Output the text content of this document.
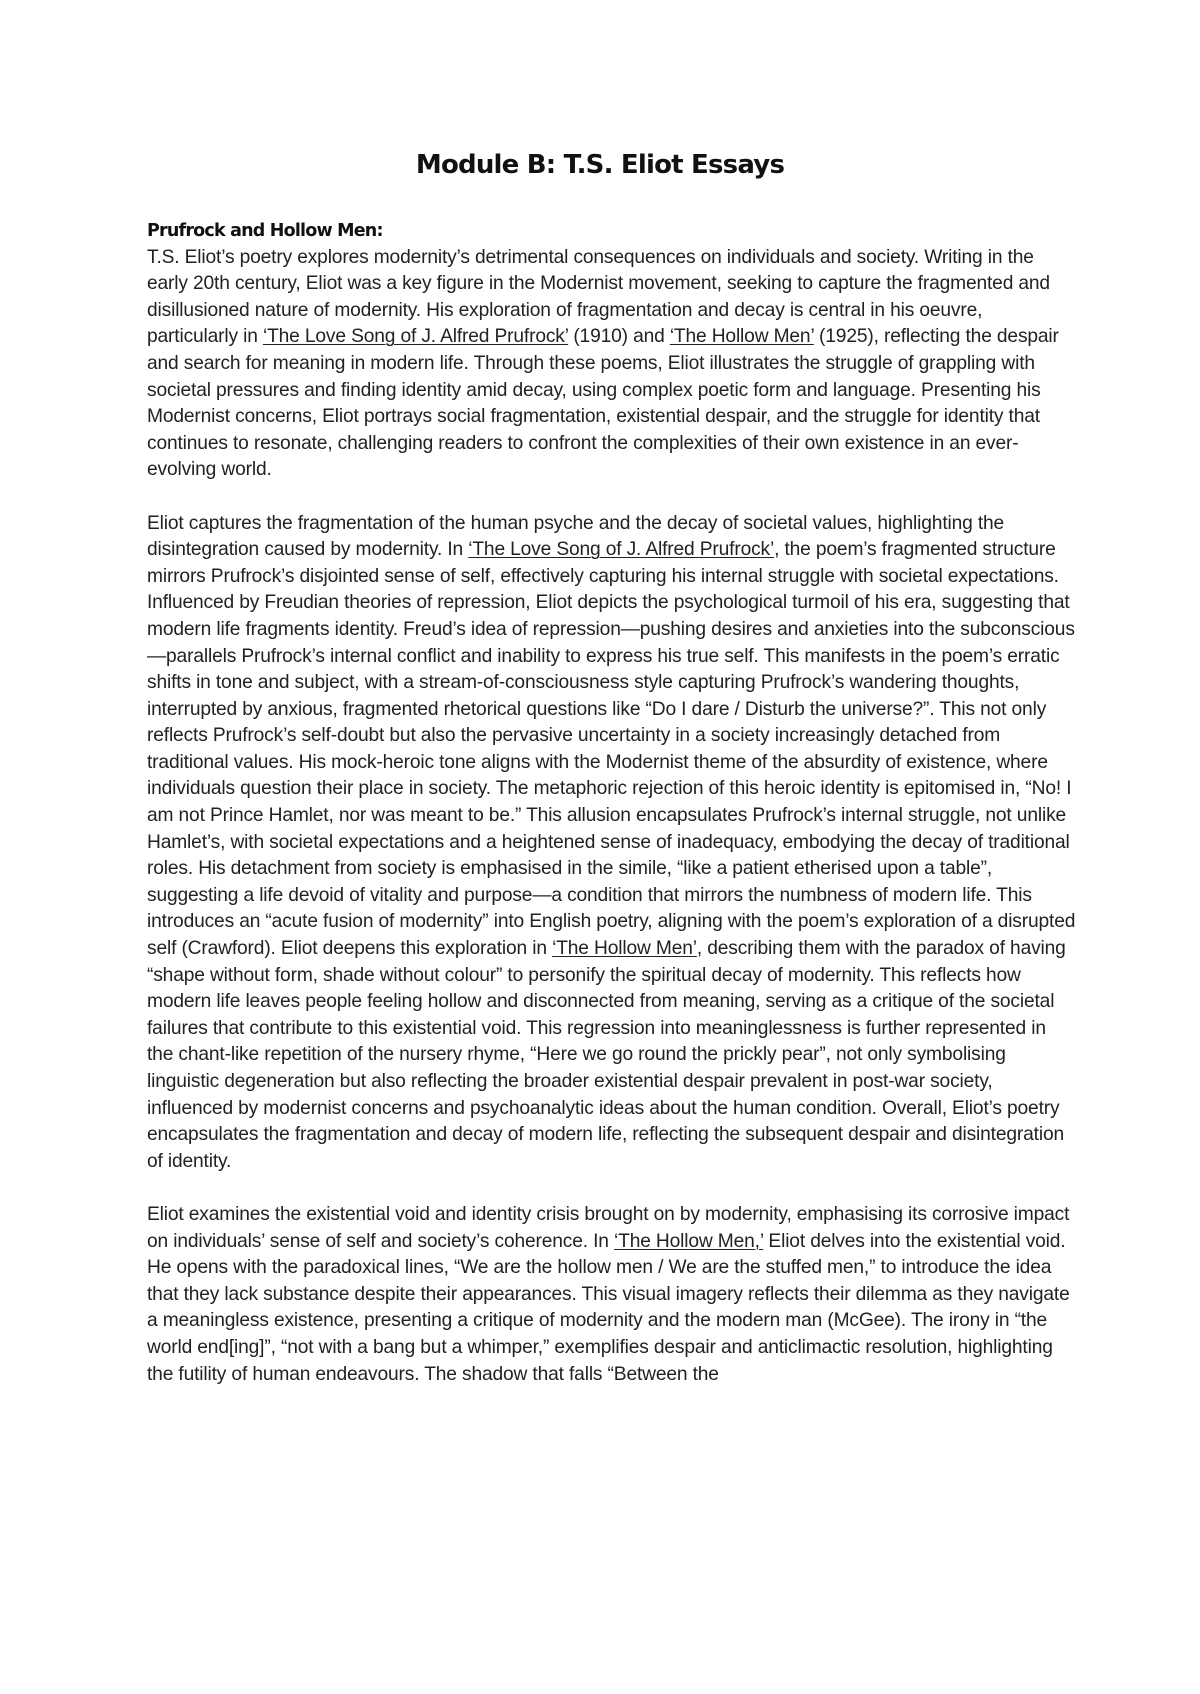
Module B: T.S. Eliot Essays
Prufrock and Hollow Men:

T.S. Eliot’s poetry explores modernity’s detrimental consequences on individuals and society. Writing in the early 20th century, Eliot was a key figure in the Modernist movement, seeking to capture the fragmented and disillusioned nature of modernity. His exploration of fragmentation and decay is central in his oeuvre, particularly in ‘The Love Song of J. Alfred Prufrock’ (1910) and ‘The Hollow Men’ (1925), reflecting the despair and search for meaning in modern life. Through these poems, Eliot illustrates the struggle of grappling with societal pressures and finding identity amid decay, using complex poetic form and language. Presenting his Modernist concerns, Eliot portrays social fragmentation, existential despair, and the struggle for identity that continues to resonate, challenging readers to confront the complexities of their own existence in an ever-evolving world.

Eliot captures the fragmentation of the human psyche and the decay of societal values, highlighting the disintegration caused by modernity. In ‘The Love Song of J. Alfred Prufrock’, the poem’s fragmented structure mirrors Prufrock’s disjointed sense of self, effectively capturing his internal struggle with societal expectations. Influenced by Freudian theories of repression, Eliot depicts the psychological turmoil of his era, suggesting that modern life fragments identity. Freud’s idea of repression—pushing desires and anxieties into the subconscious—parallels Prufrock’s internal conflict and inability to express his true self. This manifests in the poem’s erratic shifts in tone and subject, with a stream-of-consciousness style capturing Prufrock’s wandering thoughts, interrupted by anxious, fragmented rhetorical questions like “Do I dare / Disturb the universe?”. This not only reflects Prufrock’s self-doubt but also the pervasive uncertainty in a society increasingly detached from traditional values. His mock-heroic tone aligns with the Modernist theme of the absurdity of existence, where individuals question their place in society. The metaphoric rejection of this heroic identity is epitomised in, “No! I am not Prince Hamlet, nor was meant to be.” This allusion encapsulates Prufrock’s internal struggle, not unlike Hamlet’s, with societal expectations and a heightened sense of inadequacy, embodying the decay of traditional roles. His detachment from society is emphasised in the simile, “like a patient etherised upon a table”, suggesting a life devoid of vitality and purpose—a condition that mirrors the numbness of modern life. This introduces an “acute fusion of modernity” into English poetry, aligning with the poem’s exploration of a disrupted self (Crawford). Eliot deepens this exploration in ‘The Hollow Men’, describing them with the paradox of having “shape without form, shade without colour” to personify the spiritual decay of modernity. This reflects how modern life leaves people feeling hollow and disconnected from meaning, serving as a critique of the societal failures that contribute to this existential void. This regression into meaninglessness is further represented in the chant-like repetition of the nursery rhyme, “Here we go round the prickly pear”, not only symbolising linguistic degeneration but also reflecting the broader existential despair prevalent in post-war society, influenced by modernist concerns and psychoanalytic ideas about the human condition. Overall, Eliot’s poetry encapsulates the fragmentation and decay of modern life, reflecting the subsequent despair and disintegration of identity.

Eliot examines the existential void and identity crisis brought on by modernity, emphasising its corrosive impact on individuals’ sense of self and society’s coherence. In ‘The Hollow Men,’ Eliot delves into the existential void. He opens with the paradoxical lines, “We are the hollow men / We are the stuffed men,” to introduce the idea that they lack substance despite their appearances. This visual imagery reflects their dilemma as they navigate a meaningless existence, presenting a critique of modernity and the modern man (McGee). The irony in “the world end[ing]”, “not with a bang but a whimper,” exemplifies despair and anticlimactic resolution, highlighting the futility of human endeavours. The shadow that falls “Between the
